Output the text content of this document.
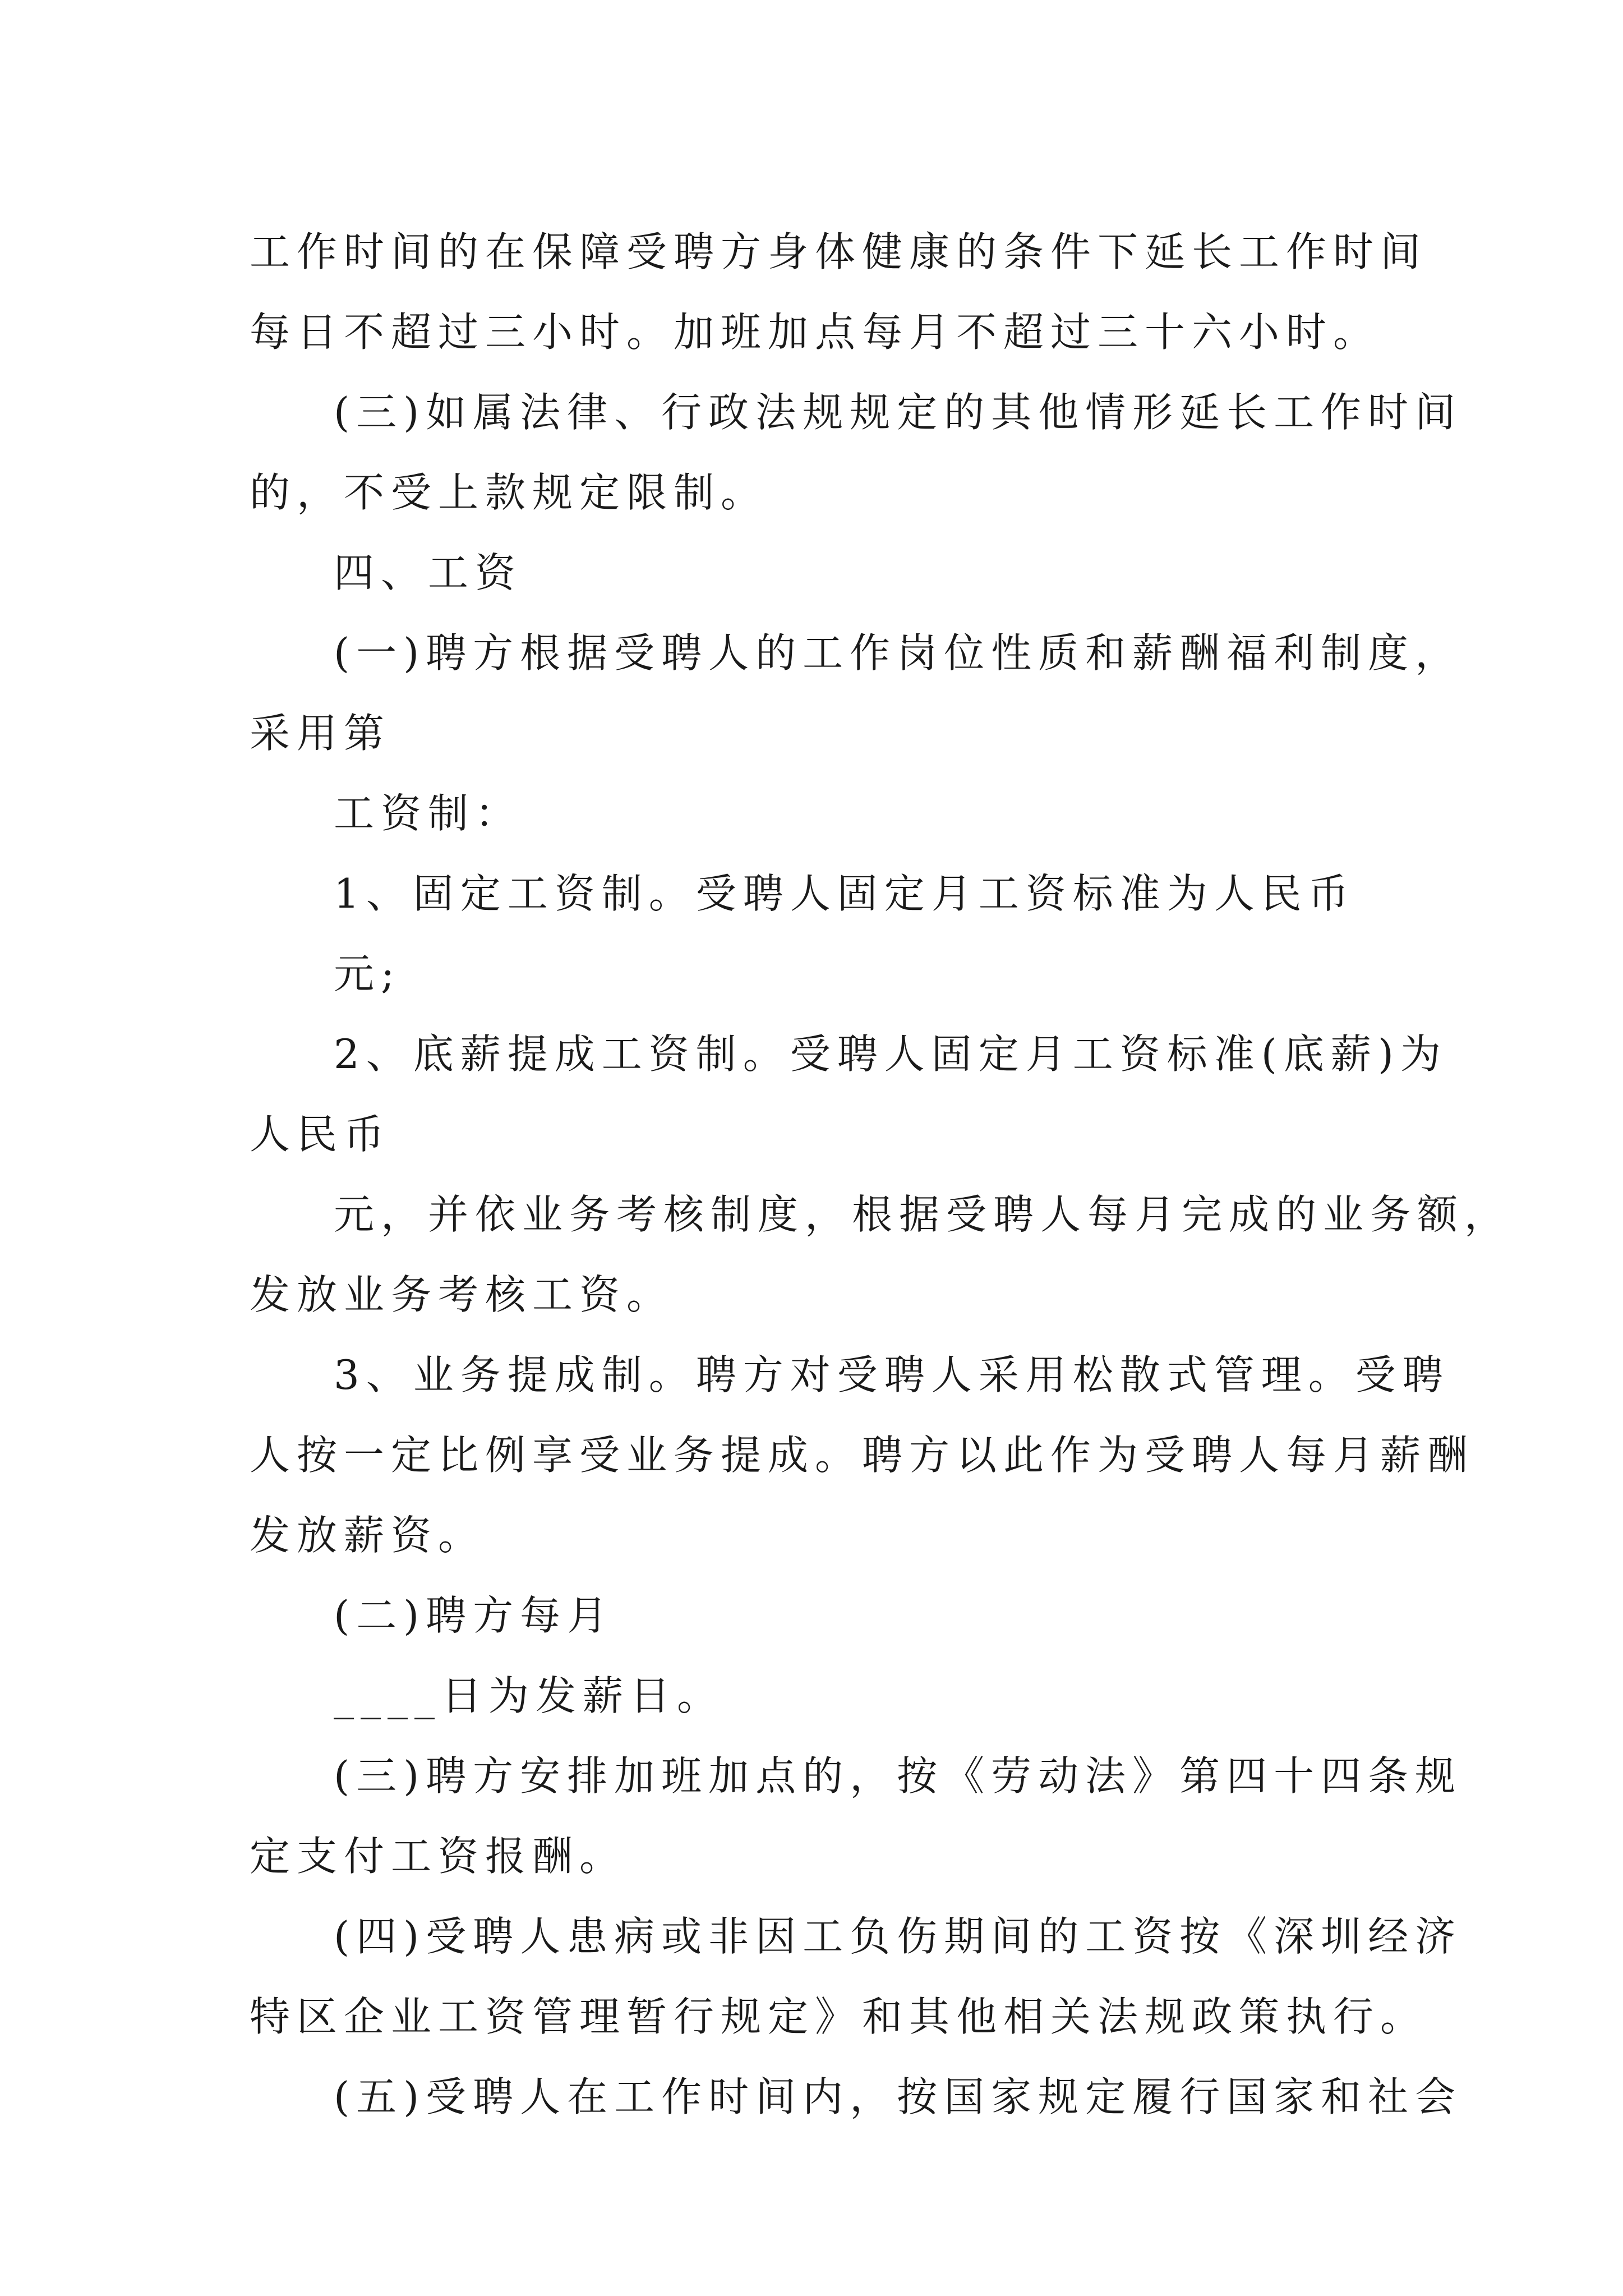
工作时间的在保障受聘方身体健康的条件下延长工作时间
每日不超过三小时。加班加点每月不超过三十六小时。
(三)如属法律、行政法规规定的其他情形延长工作时间
的，不受上款规定限制。
四、工资
(一)聘方根据受聘人的工作岗位性质和薪酬福利制度，
采用第
工资制：
1、固定工资制。受聘人固定月工资标准为人民币
元;
2、底薪提成工资制。受聘人固定月工资标准(底薪)为
人民币
元，并依业务考核制度，根据受聘人每月完成的业务额，
发放业务考核工资。
3、业务提成制。聘方对受聘人采用松散式管理。受聘
人按一定比例享受业务提成。聘方以此作为受聘人每月薪酬
发放薪资。
(二)聘方每月
____日为发薪日。
(三)聘方安排加班加点的，按《劳动法》第四十四条规
定支付工资报酬。
(四)受聘人患病或非因工负伤期间的工资按《深圳经济
特区企业工资管理暂行规定》和其他相关法规政策执行。
(五)受聘人在工作时间内，按国家规定履行国家和社会
